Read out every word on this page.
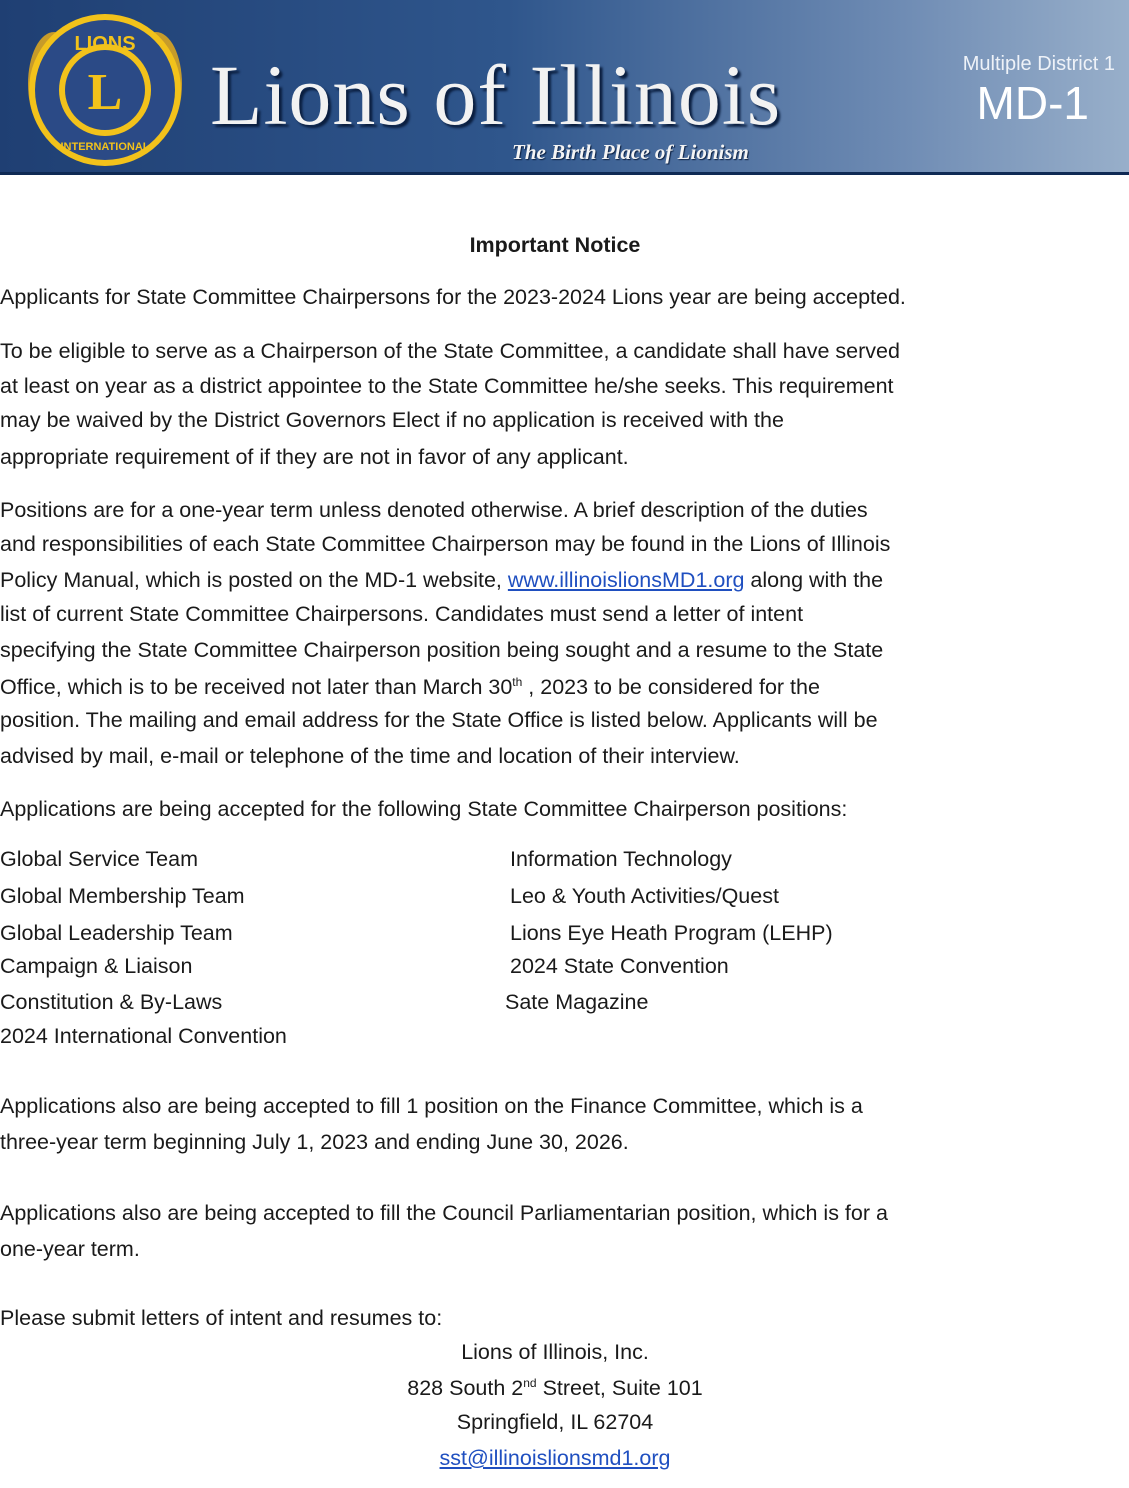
LIONS
L
INTERNATIONAL
Lions of Illinois
The Birth Place of Lionism
Multiple District 1
MD-1
Important Notice
Applicants for State Committee Chairpersons for the 2023-2024 Lions year are being accepted.
To be eligible to serve as a Chairperson of the State Committee, a candidate shall have served
at least on year as a district appointee to the State Committee he/she seeks. This requirement
may be waived by the District Governors Elect if no application is received with the
appropriate requirement of if they are not in favor of any applicant.
Positions are for a one-year term unless denoted otherwise. A brief description of the duties
and responsibilities of each State Committee Chairperson may be found in the Lions of Illinois
Policy Manual, which is posted on the MD-1 website, www.illinoislionsMD1.org along with the
list of current State Committee Chairpersons. Candidates must send a letter of intent
specifying the State Committee Chairperson position being sought and a resume to the State
Office, which is to be received not later than March 30th , 2023 to be considered for the
position. The mailing and email address for the State Office is listed below. Applicants will be
advised by mail, e-mail or telephone of the time and location of their interview.
Applications are being accepted for the following State Committee Chairperson positions:
Global Service Team
Global Membership Team
Global Leadership Team
Campaign & Liaison
Constitution & By-Laws
2024 International Convention
Information Technology
Leo & Youth Activities/Quest
Lions Eye Heath Program (LEHP)
2024 State Convention
Sate Magazine
Applications also are being accepted to fill 1 position on the Finance Committee, which is a
three-year term beginning July 1, 2023 and ending June 30, 2026.
Applications also are being accepted to fill the Council Parliamentarian position, which is for a
one-year term.
Please submit letters of intent and resumes to:
Lions of Illinois, Inc.
828 South 2nd Street, Suite 101
Springfield, IL 62704
sst@illinoislionsmd1.org
